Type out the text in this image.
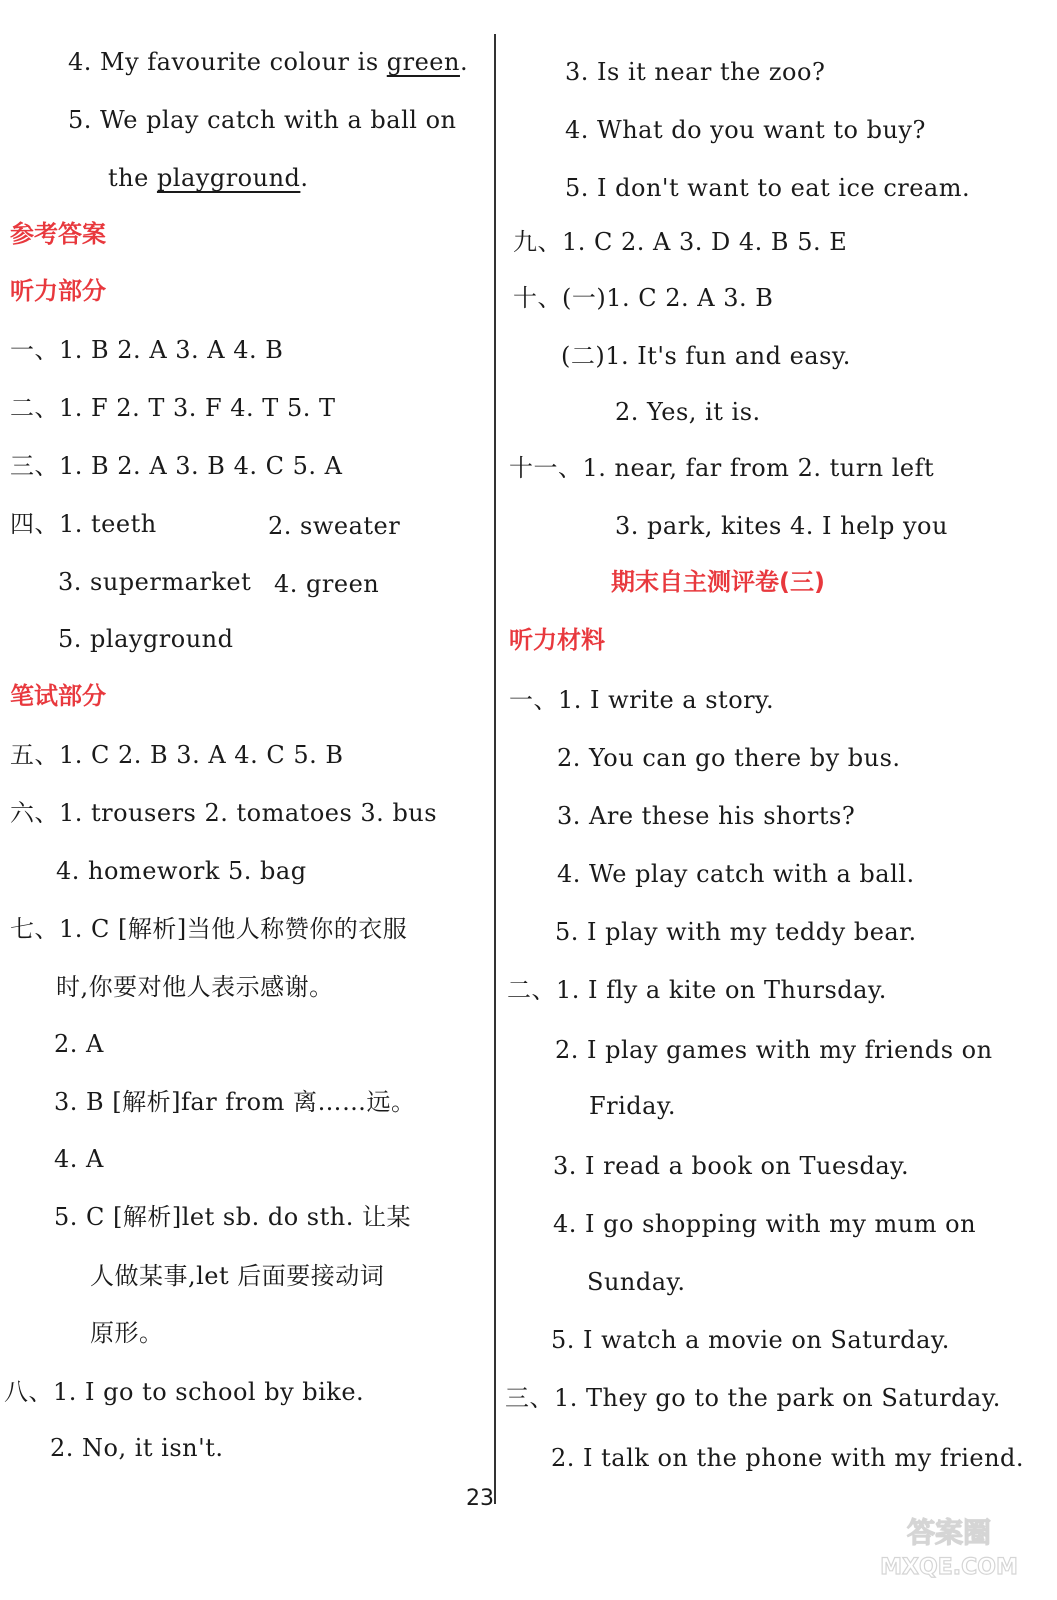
4. My favourite colour is green.
5. We play catch with a ball on
the playground.
参考答案
听力部分
一、1. B 2. A 3. A 4. B
二、1. F 2. T 3. F 4. T 5. T
三、1. B 2. A 3. B 4. C 5. A
四、1. teeth	2. sweater
3. supermarket 4. green
5. playground
笔试部分
五、1. C 2. B 3. A 4. C 5. B
六、1. trousers 2. tomatoes 3. bus
4. homework 5. bag
七、1. C [解析]当他人称赞你的衣服
时,你要对他人表示感谢。
2. A
3. B [解析]far from 离……远。
4. A
5. C [解析]let sb. do sth. 让某
人做某事,let 后面要接动词
原形。
八、1. I go to school by bike.
2. No, it isn't.
3. Is it near the zoo?
4. What do you want to buy?
5. I don't want to eat ice cream.
九、1. C 2. A 3. D 4. B 5. E
十、(一)1. C 2. A 3. B
(二)1. It's fun and easy.
2. Yes, it is.
十一、1. near, far from 2. turn left
3. park, kites 4. I help you
期末自主测评卷(三)
听力材料
一、1. I write a story.
2. You can go there by bus.
3. Are these his shorts?
4. We play catch with a ball.
5. I play with my teddy bear.
二、1. I fly a kite on Thursday.
2. I play games with my friends on
Friday.
3. I read a book on Tuesday.
4. I go shopping with my mum on
Sunday.
5. I watch a movie on Saturday.
三、1. They go to the park on Saturday.
2. I talk on the phone with my friend.
23
答案圈
MXQE.COM
